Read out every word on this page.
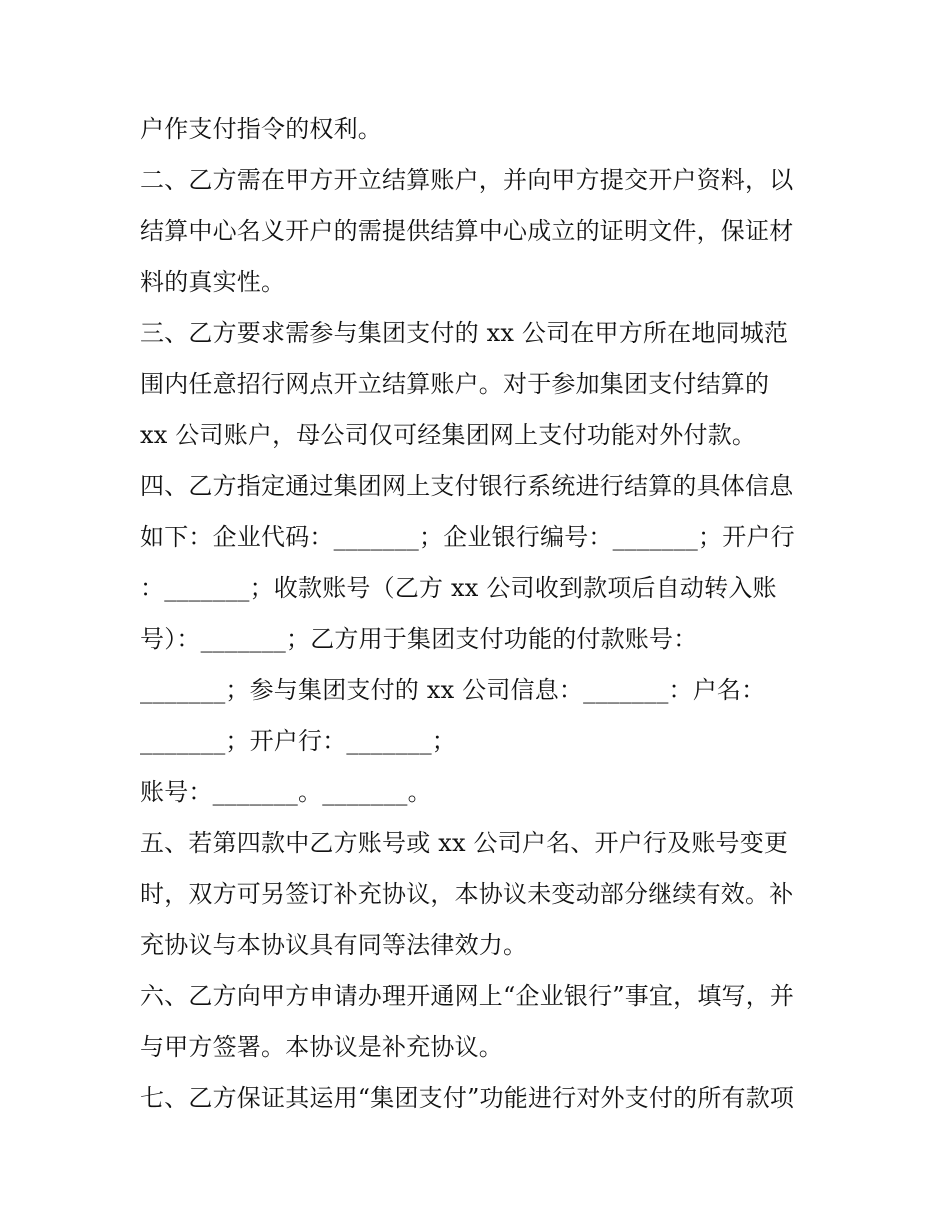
户作支付指令的权利。
二、乙方需在甲方开立结算账户，并向甲方提交开户资料，以
结算中心名义开户的需提供结算中心成立的证明文件，保证材
料的真实性。
三、乙方要求需参与集团支付的 xx 公司在甲方所在地同城范
围内任意招行网点开立结算账户。对于参加集团支付结算的
xx 公司账户，母公司仅可经集团网上支付功能对外付款。
四、乙方指定通过集团网上支付银行系统进行结算的具体信息
如下：企业代码：_______；企业银行编号：_______；开户行
：_______；收款账号（乙方 xx 公司收到款项后自动转入账
号）：_______；乙方用于集团支付功能的付款账号：
_______；参与集团支付的 xx 公司信息：_______：户名：
_______；开户行：_______；
账号：_______。_______。
五、若第四款中乙方账号或 xx 公司户名、开户行及账号变更
时，双方可另签订补充协议，本协议未变动部分继续有效。补
充协议与本协议具有同等法律效力。
六、乙方向甲方申请办理开通网上“企业银行”事宜，填写，并
与甲方签署。本协议是补充协议。
七、乙方保证其运用“集团支付”功能进行对外支付的所有款项
